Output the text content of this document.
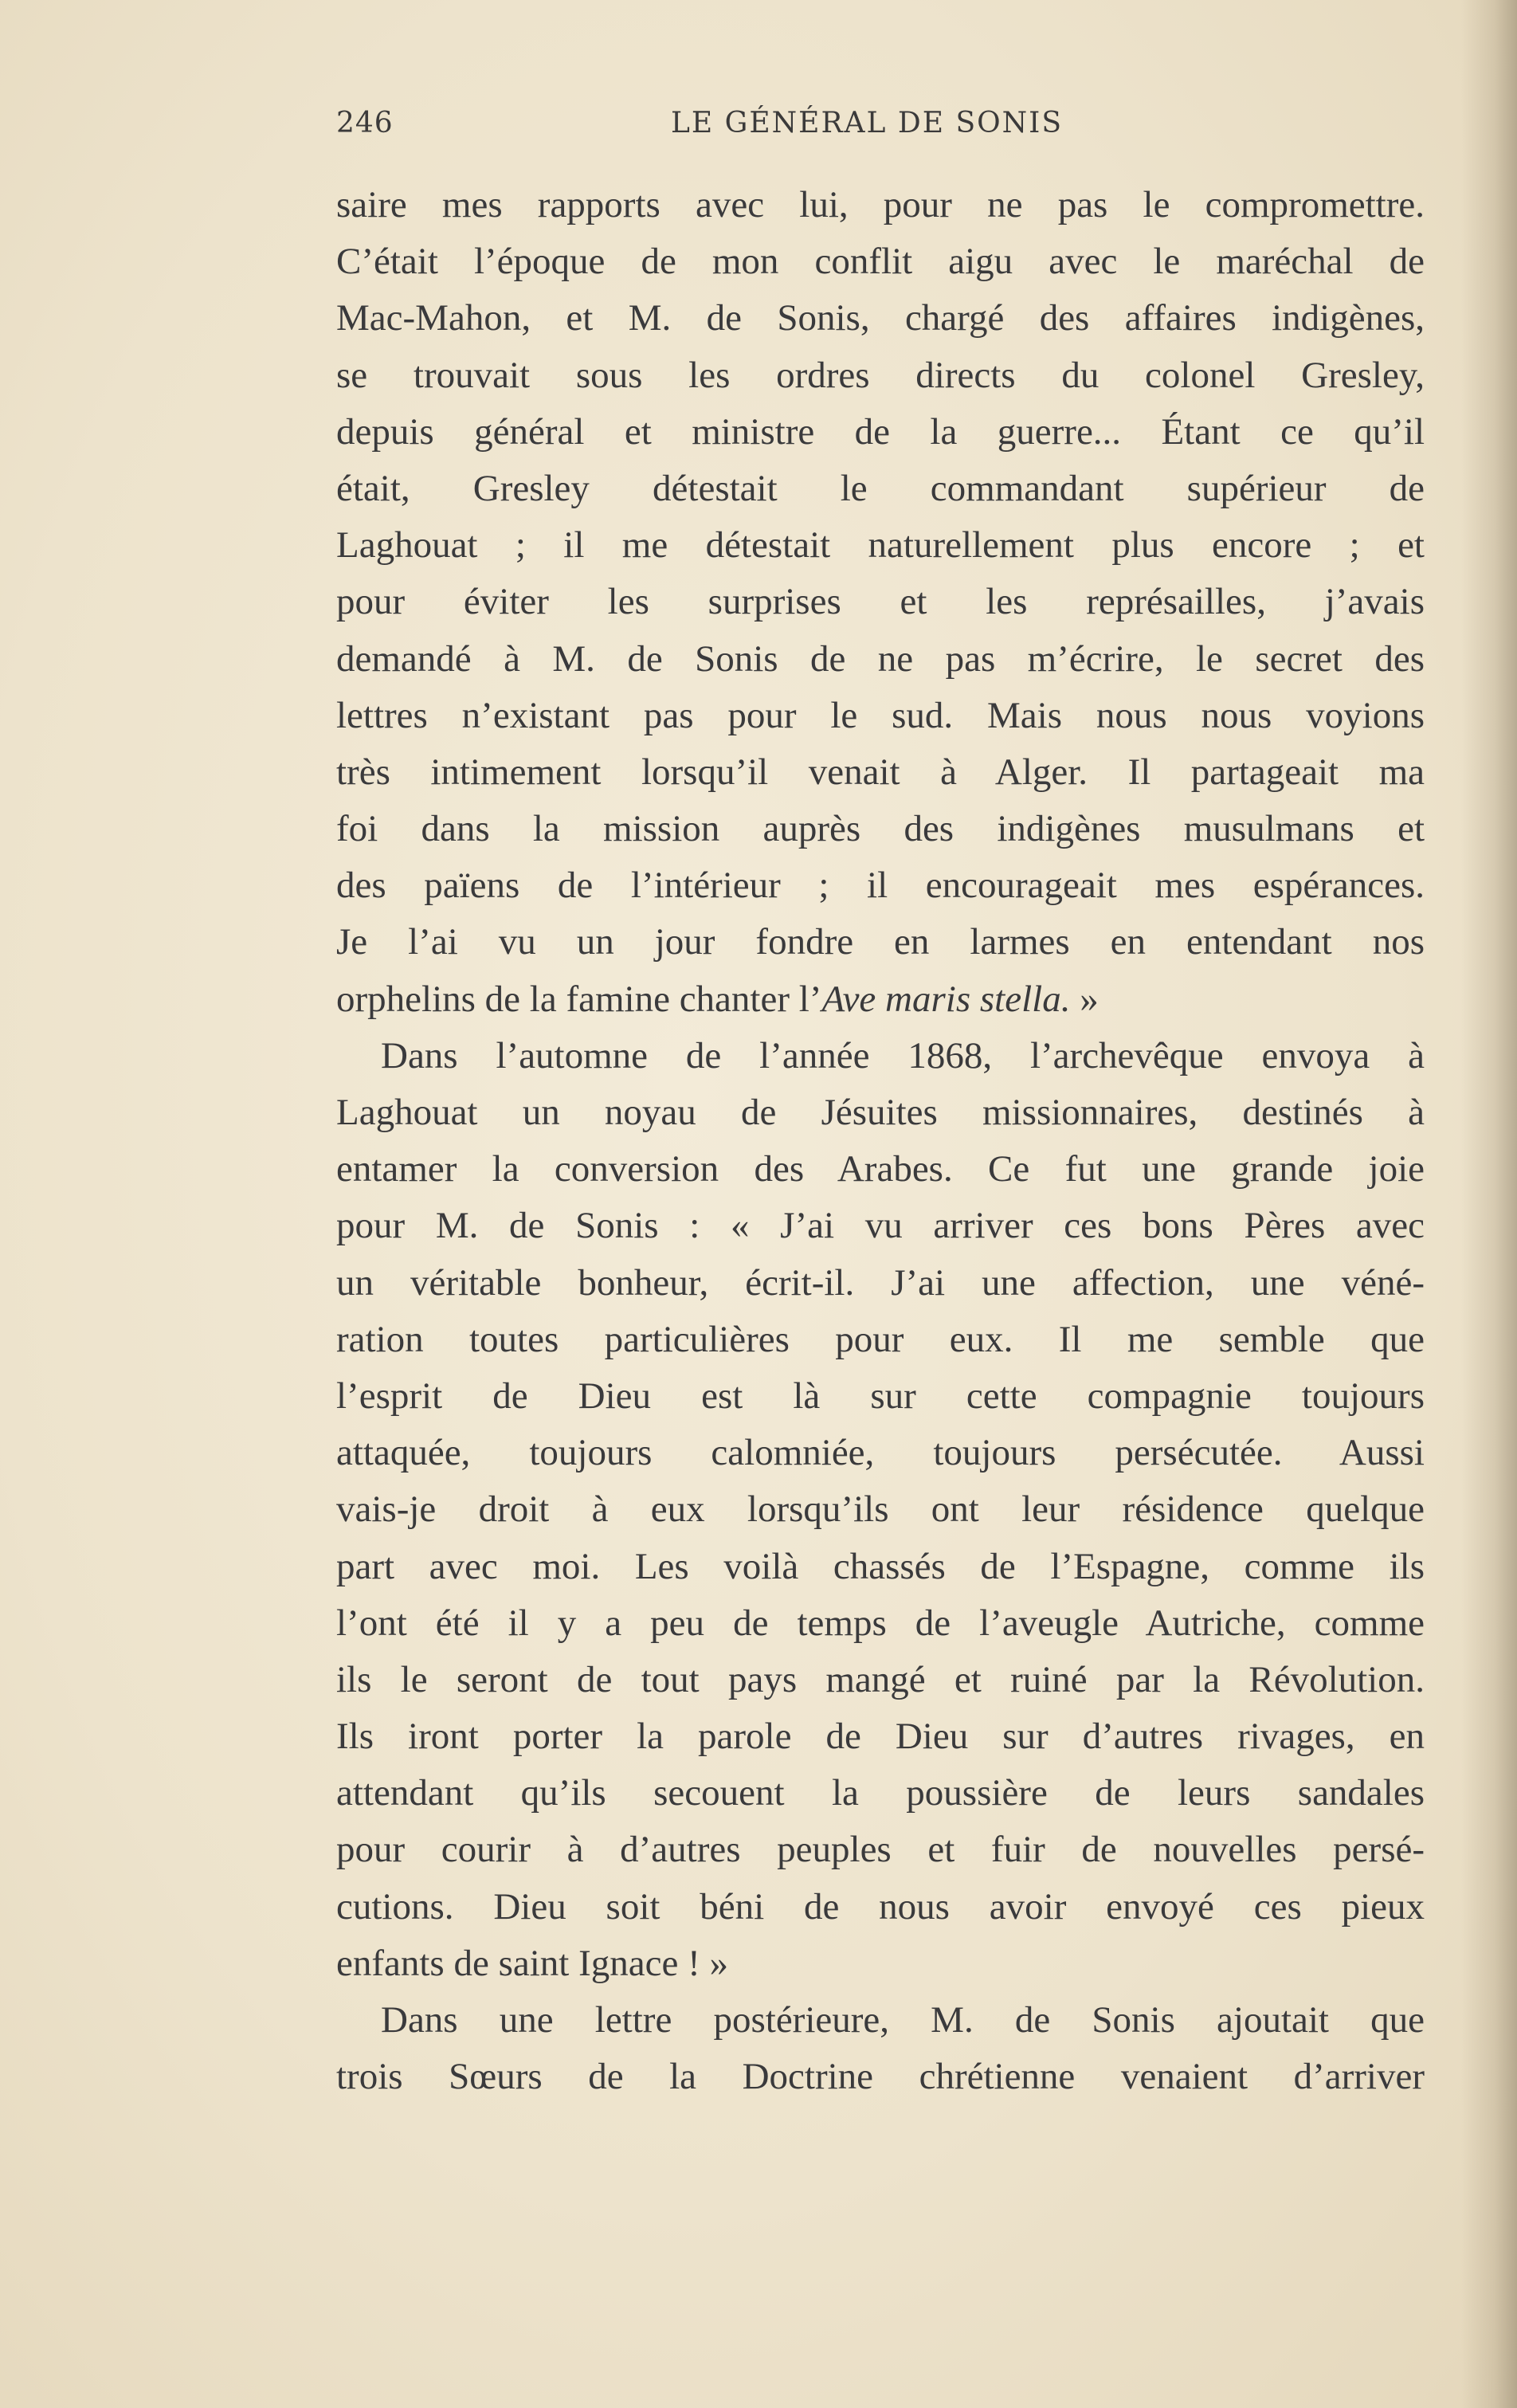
246	LE GÉNÉRAL DE SONIS
saire mes rapports avec lui, pour ne pas le compromettre.
C’était l’époque de mon conflit aigu avec le maréchal de
Mac-Mahon, et M. de Sonis, chargé des affaires indigènes,
se trouvait sous les ordres directs du colonel Gresley,
depuis général et ministre de la guerre... Étant ce qu’il
était, Gresley détestait le commandant supérieur de
Laghouat ; il me détestait naturellement plus encore ; et
pour éviter les surprises et les représailles, j’avais
demandé à M. de Sonis de ne pas m’écrire, le secret des
lettres n’existant pas pour le sud. Mais nous nous voyions
très intimement lorsqu’il venait à Alger. Il partageait ma
foi dans la mission auprès des indigènes musulmans et
des païens de l’intérieur ; il encourageait mes espérances.
Je l’ai vu un jour fondre en larmes en entendant nos
orphelins de la famine chanter l’Ave maris stella. »
Dans l’automne de l’année 1868, l’archevêque envoya à
Laghouat un noyau de Jésuites missionnaires, destinés à
entamer la conversion des Arabes. Ce fut une grande joie
pour M. de Sonis : « J’ai vu arriver ces bons Pères avec
un véritable bonheur, écrit-il. J’ai une affection, une véné-
ration toutes particulières pour eux. Il me semble que
l’esprit de Dieu est là sur cette compagnie toujours
attaquée, toujours calomniée, toujours persécutée. Aussi
vais-je droit à eux lorsqu’ils ont leur résidence quelque
part avec moi. Les voilà chassés de l’Espagne, comme ils
l’ont été il y a peu de temps de l’aveugle Autriche, comme
ils le seront de tout pays mangé et ruiné par la Révolution.
Ils iront porter la parole de Dieu sur d’autres rivages, en
attendant qu’ils secouent la poussière de leurs sandales
pour courir à d’autres peuples et fuir de nouvelles persé-
cutions. Dieu soit béni de nous avoir envoyé ces pieux
enfants de saint Ignace ! »
Dans une lettre postérieure, M. de Sonis ajoutait que
trois Sœurs de la Doctrine chrétienne venaient d’arriver
